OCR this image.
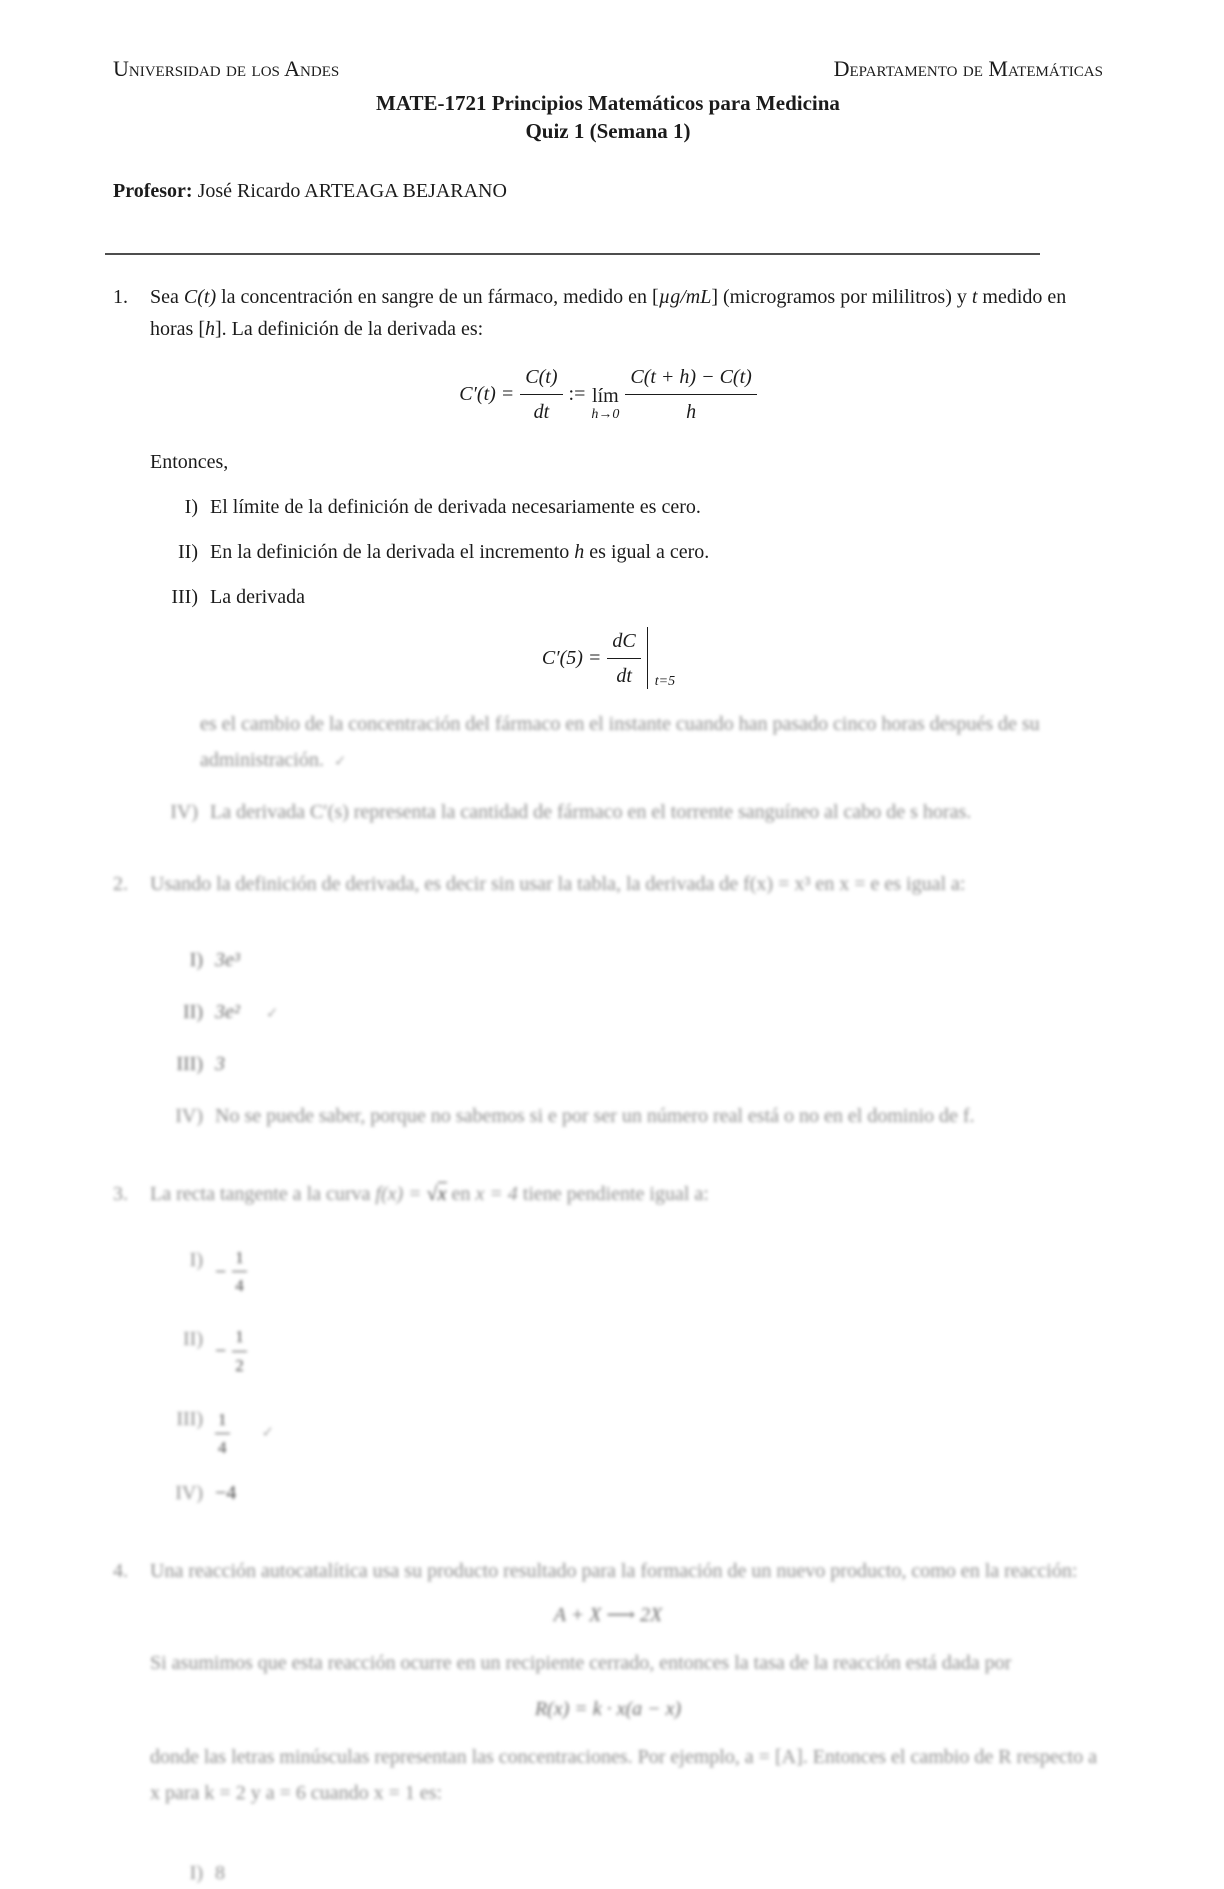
Universidad de los Andes	Departamento de Matemáticas
MATE-1721 Principios Matemáticos para Medicina
Quiz 1 (Semana 1)
Profesor: José Ricardo ARTEAGA BEJARANO
1.	Sea C(t) la concentración en sangre de un fármaco, medido en [µg/mL] (microgramos por mililitros) y t medido en horas [h]. La definición de la derivada es:
$C'(t) = \frac{C(t)}{dt}$ := lím
$h\to 0 \frac{C(t + h) - C(t)}{h}$
Entonces,
I) El límite de la definición de derivada necesariamente es cero.
II) En la definición de la derivada el incremento h es igual a cero.
III) La derivada
$C'(5) = \frac{dC}{dt} t=5$
es el cambio de la concentración del fármaco en el instante cuando han pasado cinco horas después de su administración. ✓
IV) La derivada C′(s) representa la cantidad de fármaco en el torrente sanguíneo al cabo de s horas.
2.	Usando la definición de derivada, es decir sin usar la tabla, la derivada de f(x) = x³ en x = e es igual a:
I) 3e³
II) 3e² ✓
III) 3
IV) No se puede saber, porque no sabemos si e por ser un número real está o no en el dominio de f.
3.	La recta tangente a la curva f(x) = √x en x = 4 tiene pendiente igual a:
I)
− $\frac{1}{4}$
II)
− $\frac{1}{2}$
$III) \frac{1}{4}$ ✓
IV) −4
4.	Una reacción autocatalítica usa su producto resultado para la formación de un nuevo producto, como en la reacción:
A + X ⟶ 2X
Si asumimos que esta reacción ocurre en un recipiente cerrado, entonces la tasa de la reacción está dada por
R(x) = k · x(a − x)
donde las letras minúsculas representan las concentraciones. Por ejemplo, a = [A]. Entonces el cambio de R respecto a x para k = 2 y a = 6 cuando x = 1 es:
I) 8
